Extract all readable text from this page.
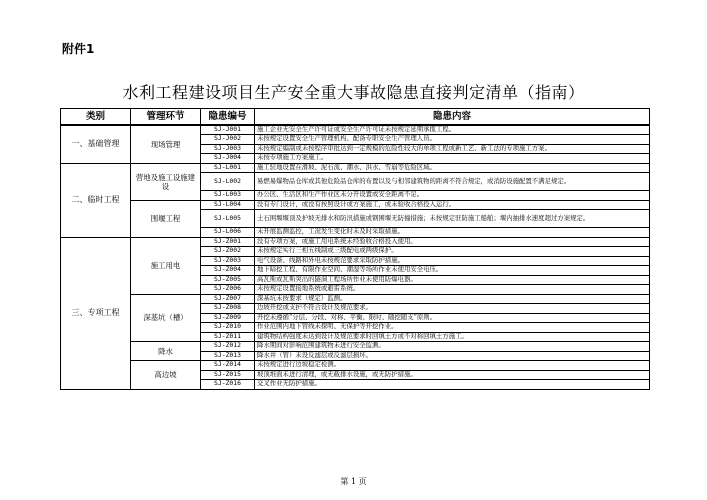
附件1
水利工程建设项目生产安全重大事故隐患直接判定清单（指南）
类别	管理环节	隐患编号	隐患内容
一、基础管理	现场管理	SJ-J001	施工企业无安全生产许可证或安全生产许可证未按规定延期承揽工程。
		SJ-J002	未按规定设置安全生产管理机构、配备专职安全生产管理人员。
		SJ-J003	未按规定编制或未按程序审批达到一定规模的危险性较大的单项工程或新工艺、新工法的专项施工方案。
		SJ-J004	未按专项施工方案施工。
二、临时工程	营地及施工设施建设	SJ-L001	施工驻地设置在滑坡、泥石流、潮水、洪水、雪崩等危险区域。
		SJ-L002	易燃易爆物品仓库或其他危险品仓库的布置以及与相邻建筑物的距离不符合规定，或消防设施配置不满足规定。
		SJ-L003	办公区、生活区和生产作业区未分开设置或安全距离不足。
	围堰工程	SJ-L004	没有专门设计，或没有按照设计或方案施工，或未验收合格投入运行。
		SJ-L005	土石围堰堰顶及护坡无排水和防汛措施或钢围堰无防撞措施；未按规定驻防施工船舶；堰内抽排水速度超过方案规定。
		SJ-L006	未开展监测监控，工况发生变化时未及时采取措施。
三、专项工程	施工用电	SJ-Z001	没有专项方案，或施工用电系统未经验收合格投入使用。
		SJ-Z002	未按规定实行三相五线制或三级配电或两级保护。
		SJ-Z003	电气设备、线路和外电未按规范要求采取防护措施。
		SJ-Z004	地下暗挖工程、有限作业空间、潮湿等场所作业未使用安全电压。
		SJ-Z005	高瓦斯或瓦斯突出的隧洞工程场所作业未使用防爆电器。
		SJ-Z006	未按规定设置接地系统或避雷系统。
	深基坑（槽）	SJ-Z007	深基坑未按要求（规定）监测。
		SJ-Z008	边坡开挖或支护不符合设计及规范要求。
		SJ-Z009	开挖未遵循“分层、分段、对称、平衡、限时、随挖随支”原则。
		SJ-Z010	作业范围内地下管线未探明、无保护等开挖作业。
		SJ-Z011	建筑物结构强度未达到设计及规范要求时回填土方或不对称回填土方施工。
	降水	SJ-Z012	降水期间对影响范围建筑物未进行安全监测。
		SJ-Z013	降水井（管）未设反滤层或反滤层损坏。
	高边坡	SJ-Z014	未按规定进行边坡稳定检测。
		SJ-Z015	坡顶堆面未进行清理，或无截排水设施，或无防护措施。
		SJ-Z016	交叉作业无防护措施。
第 1 页
